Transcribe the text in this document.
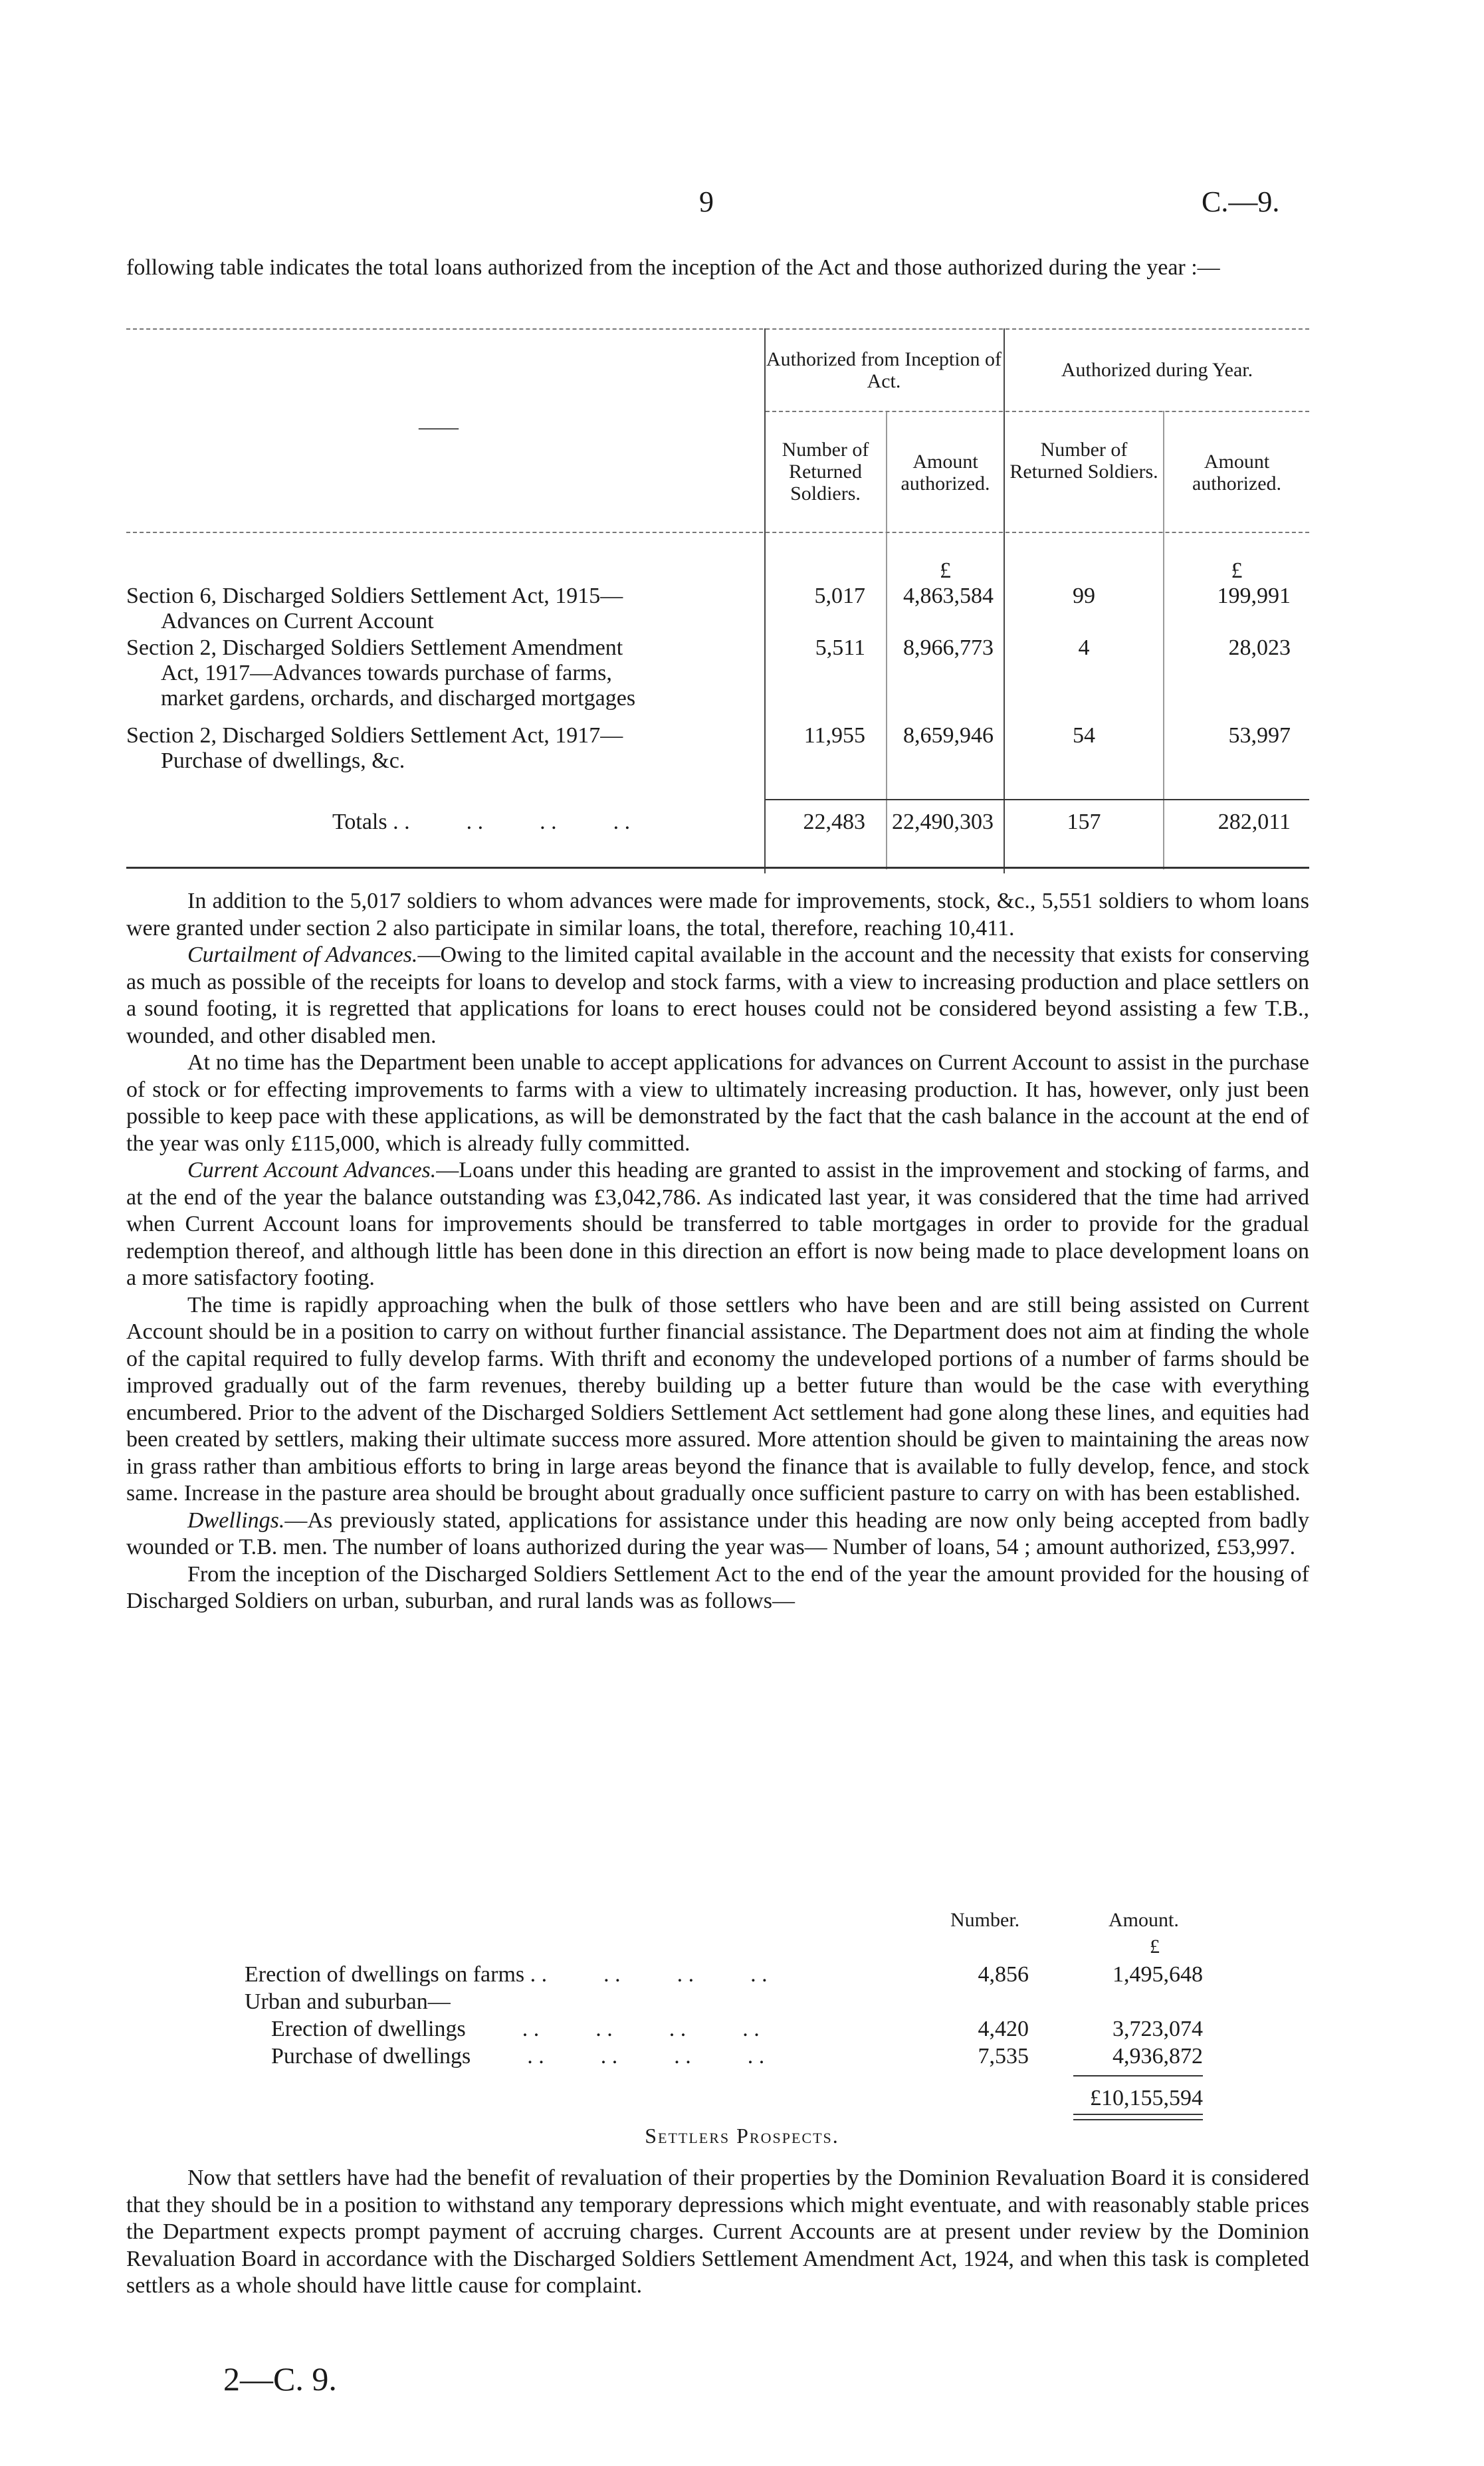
9	C.—9.
following table indicates the total loans authorized from the inception of the Act and those authorized during the year :—
Authorized from Inception of Act.
Authorized during Year.
Number of Returned Soldiers.
Amount authorized.
Number of Returned Soldiers.	Amount authorized.
——
£	£
Section 6, Discharged Soldiers Settlement Act, 1915—
Advances on Current Account
5,017	4,863,584	99	199,991
Section 2, Discharged Soldiers Settlement Amendment
Act, 1917—Advances towards purchase of farms,
market gardens, orchards, and discharged mortgages
5,511	8,966,773	4	28,023
Section 2, Discharged Soldiers Settlement Act, 1917—
Purchase of dwellings, &c.
11,955	8,659,946	54	53,997
Totals . .          . .          . .          . .	22,483 22,490,303	157	282,011

In addition to the 5,017 soldiers to whom advances were made for improvements, stock, &c., 5,551 soldiers to whom loans were granted under section 2 also participate in similar loans, the total, therefore, reaching 10,411.

Curtailment of Advances.—Owing to the limited capital available in the account and the necessity that exists for conserving as much as possible of the receipts for loans to develop and stock farms, with a view to increasing production and place settlers on a sound footing, it is regretted that applications for loans to erect houses could not be considered beyond assisting a few T.B., wounded, and other disabled men.

At no time has the Department been unable to accept applications for advances on Current Account to assist in the purchase of stock or for effecting improvements to farms with a view to ultimately increasing production. It has, however, only just been possible to keep pace with these applications, as will be demonstrated by the fact that the cash balance in the account at the end of the year was only £115,000, which is already fully committed.

Current Account Advances.—Loans under this heading are granted to assist in the improvement and stocking of farms, and at the end of the year the balance outstanding was £3,042,786. As indicated last year, it was considered that the time had arrived when Current Account loans for improvements should be transferred to table mortgages in order to provide for the gradual redemption thereof, and although little has been done in this direction an effort is now being made to place development loans on a more satisfactory footing.

The time is rapidly approaching when the bulk of those settlers who have been and are still being assisted on Current Account should be in a position to carry on without further financial assistance. The Department does not aim at finding the whole of the capital required to fully develop farms. With thrift and economy the undeveloped portions of a number of farms should be improved gradually out of the farm revenues, thereby building up a better future than would be the case with everything encumbered. Prior to the advent of the Discharged Soldiers Settlement Act settlement had gone along these lines, and equities had been created by settlers, making their ultimate success more assured. More attention should be given to maintaining the areas now in grass rather than ambitious efforts to bring in large areas beyond the finance that is available to fully develop, fence, and stock same. Increase in the pasture area should be brought about gradually once sufficient pasture to carry on with has been established.

Dwellings.—As previously stated, applications for assistance under this heading are now only being accepted from badly wounded or T.B. men. The number of loans authorized during the year was— Number of loans, 54 ; amount authorized, £53,997.

From the inception of the Discharged Soldiers Settlement Act to the end of the year the amount provided for the housing of Discharged Soldiers on urban, suburban, and rural lands was as follows—

Number.	Amount.
£
Erection of dwellings on farms . .          . .          . .          . .	4,856	1,495,648
Urban and suburban—
Erection of dwellings          . .          . .          . .          . .	4,420	3,723,074
Purchase of dwellings          . .          . .          . .          . .	7,535	4,936,872
£10,155,594
Settlers Prospects.

Now that settlers have had the benefit of revaluation of their properties by the Dominion Revaluation Board it is considered that they should be in a position to withstand any temporary depressions which might eventuate, and with reasonably stable prices the Department expects prompt payment of accruing charges. Current Accounts are at present under review by the Dominion Revaluation Board in accordance with the Discharged Soldiers Settlement Amendment Act, 1924, and when this task is completed settlers as a whole should have little cause for complaint.

2—C. 9.
